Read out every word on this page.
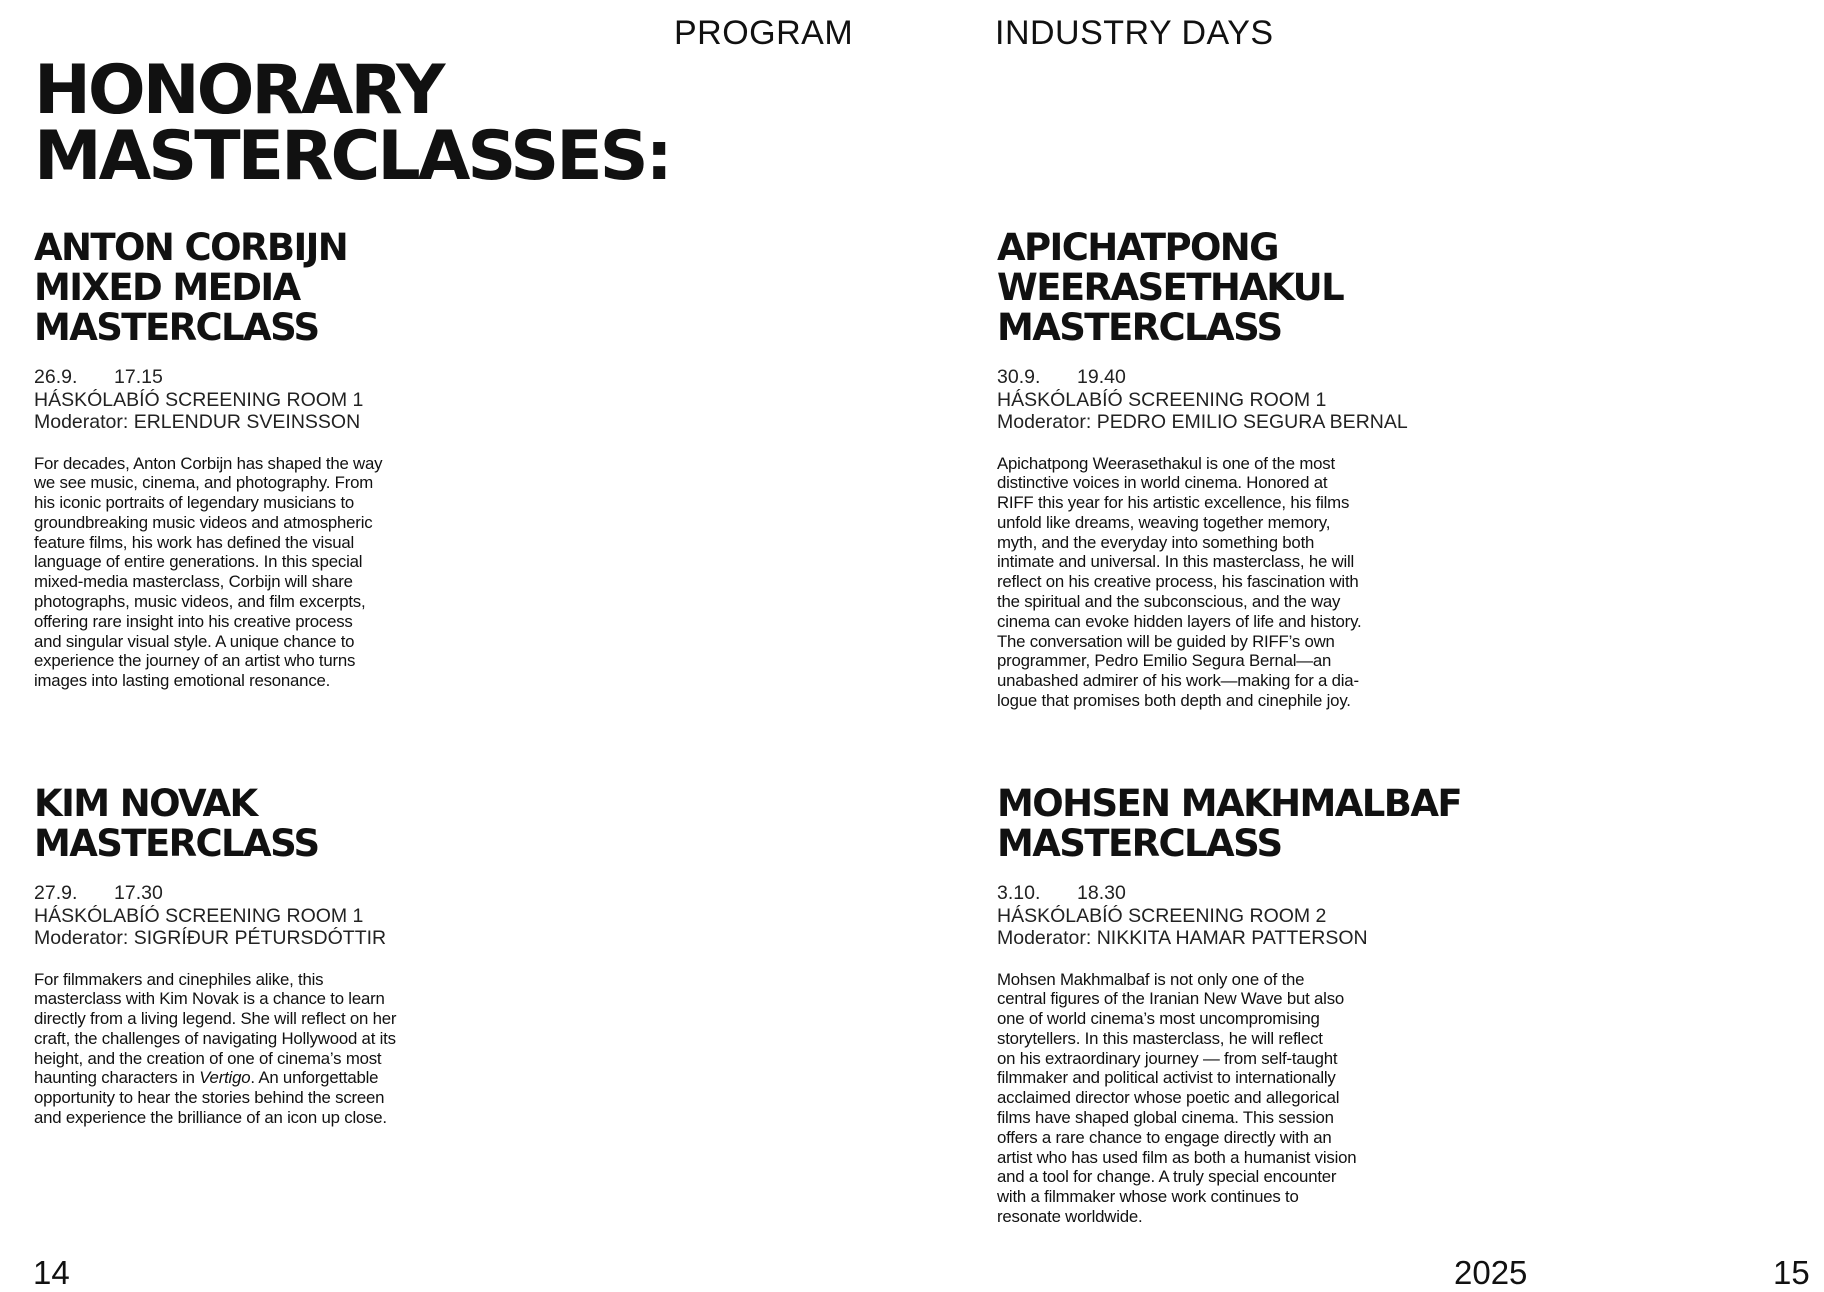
PROGRAM	INDUSTRY DAYS
HONORARY
MASTERCLASSES:
ANTON CORBIJN
MIXED MEDIA
MASTERCLASS
26.9. 17.15
HÁSKÓLABÍÓ SCREENING ROOM 1
Moderator: ERLENDUR SVEINSSON
For decades, Anton Corbijn has shaped the way
we see music, cinema, and photography. From
his iconic portraits of legendary musicians to
groundbreaking music videos and atmospheric
feature films, his work has defined the visual
language of entire generations. In this special
mixed-media masterclass, Corbijn will share
photographs, music videos, and film excerpts,
offering rare insight into his creative process
and singular visual style. A unique chance to
experience the journey of an artist who turns
images into lasting emotional resonance.
APICHATPONG
WEERASETHAKUL
MASTERCLASS
30.9. 19.40
HÁSKÓLABÍÓ SCREENING ROOM 1
Moderator: PEDRO EMILIO SEGURA BERNAL
Apichatpong Weerasethakul is one of the most
distinctive voices in world cinema. Honored at
RIFF this year for his artistic excellence, his films
unfold like dreams, weaving together memory,
myth, and the everyday into something both
intimate and universal. In this masterclass, he will
reflect on his creative process, his fascination with
the spiritual and the subconscious, and the way
cinema can evoke hidden layers of life and history.
The conversation will be guided by RIFF’s own
programmer, Pedro Emilio Segura Bernal—an
unabashed admirer of his work—making for a dia-
logue that promises both depth and cinephile joy.
KIM NOVAK
MASTERCLASS
27.9. 17.30
HÁSKÓLABÍÓ SCREENING ROOM 1
Moderator: SIGRÍÐUR PÉTURSDÓTTIR
For filmmakers and cinephiles alike, this
masterclass with Kim Novak is a chance to learn
directly from a living legend. She will reflect on her
craft, the challenges of navigating Hollywood at its
height, and the creation of one of cinema’s most
haunting characters in Vertigo. An unforgettable
opportunity to hear the stories behind the screen
and experience the brilliance of an icon up close.
MOHSEN MAKHMALBAF
MASTERCLASS
3.10. 18.30
HÁSKÓLABÍÓ SCREENING ROOM 2
Moderator: NIKKITA HAMAR PATTERSON
Mohsen Makhmalbaf is not only one of the
central figures of the Iranian New Wave but also
one of world cinema’s most uncompromising
storytellers. In this masterclass, he will reflect
on his extraordinary journey — from self-taught
filmmaker and political activist to internationally
acclaimed director whose poetic and allegorical
films have shaped global cinema. This session
offers a rare chance to engage directly with an
artist who has used film as both a humanist vision
and a tool for change. A truly special encounter
with a filmmaker whose work continues to
resonate worldwide.
14	2025	15
